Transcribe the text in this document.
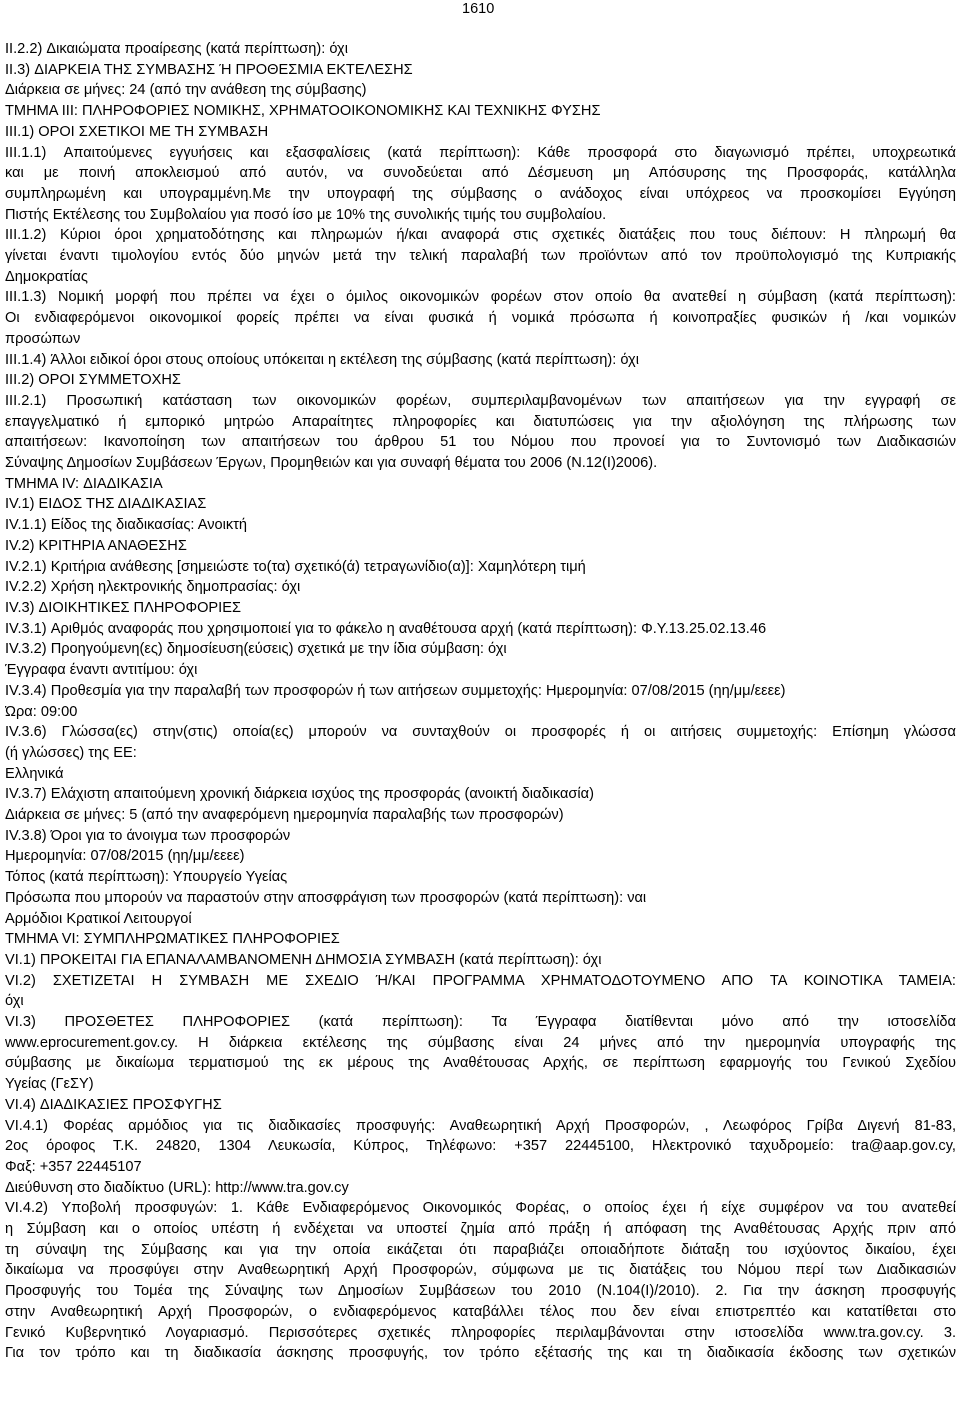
1610
II.2.2) Δικαιώματα προαίρεσης (κατά περίπτωση): όχι
II.3) ΔΙΑΡΚΕΙΑ ΤΗΣ ΣΥΜΒΑΣΗΣ Ή ΠΡΟΘΕΣΜΙΑ ΕΚΤΕΛΕΣΗΣ
Διάρκεια σε μήνες: 24 (από την ανάθεση της σύμβασης)
ΤΜΗΜΑ III: ΠΛΗΡΟΦΟΡΙΕΣ ΝΟΜΙΚΗΣ, ΧΡΗΜΑΤΟΟΙΚΟΝΟΜΙΚΗΣ ΚΑΙ ΤΕΧΝΙΚΗΣ ΦΥΣΗΣ
III.1) ΟΡΟΙ ΣΧΕΤΙΚΟΙ ΜΕ ΤΗ ΣΥΜΒΑΣΗ
III.1.1) Απαιτούμενες εγγυήσεις και εξασφαλίσεις (κατά περίπτωση): Κάθε προσφορά στο διαγωνισμό πρέπει, υποχρεωτικά
και με ποινή αποκλεισμού από αυτόν, να συνοδεύεται από Δέσμευση μη Απόσυρσης της Προσφοράς, κατάλληλα
συμπληρωμένη και υπογραμμένη.Με την υπογραφή της σύμβασης ο ανάδοχος είναι υπόχρεος να προσκομίσει Εγγύηση
Πιστής Εκτέλεσης του Συμβολαίου για ποσό ίσο με 10% της συνολικής τιμής του συμβολαίου.
III.1.2) Κύριοι όροι χρηματοδότησης και πληρωμών ή/και αναφορά στις σχετικές διατάξεις που τους διέπουν: Η πληρωμή θα
γίνεται έναντι τιμολογίου εντός δύο μηνών μετά την τελική παραλαβή των προϊόντων από τον προϋπολογισμό της Κυπριακής
Δημοκρατίας
III.1.3) Νομική μορφή που πρέπει να έχει ο όμιλος οικονομικών φορέων στον οποίο θα ανατεθεί η σύμβαση (κατά περίπτωση):
Οι ενδιαφερόμενοι οικονομικοί φορείς πρέπει να είναι φυσικά ή νομικά πρόσωπα ή κοινοπραξίες φυσικών ή /και νομικών
προσώπων
III.1.4) Άλλοι ειδικοί όροι στους οποίους υπόκειται η εκτέλεση της σύμβασης (κατά περίπτωση): όχι
III.2) ΟΡΟΙ ΣΥΜΜΕΤΟΧΗΣ
III.2.1) Προσωπική κατάσταση των οικονομικών φορέων, συμπεριλαμβανομένων των απαιτήσεων για την εγγραφή σε
επαγγελματικό ή εμπορικό μητρώο Απαραίτητες πληροφορίες και διατυπώσεις για την αξιολόγηση της πλήρωσης των
απαιτήσεων: Ικανοποίηση των απαιτήσεων του άρθρου 51 του Νόμου που προνοεί για το Συντονισμό των Διαδικασιών
Σύναψης Δημοσίων Συμβάσεων Έργων, Προμηθειών και για συναφή θέματα του 2006 (Ν.12(Ι)2006).
ΤΜΗΜΑ IV: ΔΙΑΔΙΚΑΣΙΑ
IV.1) ΕΙΔΟΣ ΤΗΣ ΔΙΑΔΙΚΑΣΙΑΣ
IV.1.1) Είδος της διαδικασίας: Ανοικτή
IV.2) ΚΡΙΤΗΡΙΑ ΑΝΑΘΕΣΗΣ
IV.2.1) Κριτήρια ανάθεσης [σημειώστε το(τα) σχετικό(ά) τετραγωνίδιο(α)]: Χαμηλότερη τιμή
IV.2.2) Χρήση ηλεκτρονικής δημοπρασίας: όχι
IV.3) ΔΙΟΙΚΗΤΙΚΕΣ ΠΛΗΡΟΦΟΡΙΕΣ
IV.3.1) Αριθμός αναφοράς που χρησιμοποιεί για το φάκελο η αναθέτουσα αρχή (κατά περίπτωση): Φ.Υ.13.25.02.13.46
IV.3.2) Προηγούμενη(ες) δημοσίευση(εύσεις) σχετικά με την ίδια σύμβαση: όχι
Έγγραφα έναντι αντιτίμου: όχι
IV.3.4) Προθεσμία για την παραλαβή των προσφορών ή των αιτήσεων συμμετοχής: Ημερομηνία: 07/08/2015 (ηη/μμ/εεεε)
Ώρα: 09:00
IV.3.6) Γλώσσα(ες) στην(στις) οποία(ες) μπορούν να συνταχθούν οι προσφορές ή οι αιτήσεις συμμετοχής: Επίσημη γλώσσα
(ή γλώσσες) της ΕΕ:
Ελληνικά
IV.3.7) Ελάχιστη απαιτούμενη χρονική διάρκεια ισχύος της προσφοράς (ανοικτή διαδικασία)
Διάρκεια σε μήνες: 5 (από την αναφερόμενη ημερομηνία παραλαβής των προσφορών)
IV.3.8) Όροι για το άνοιγμα των προσφορών
Ημερομηνία: 07/08/2015 (ηη/μμ/εεεε)
Τόπος (κατά περίπτωση): Υπουργείο Υγείας
Πρόσωπα που μπορούν να παραστούν στην αποσφράγιση των προσφορών (κατά περίπτωση): ναι
Αρμόδιοι Κρατικοί Λειτουργοί
ΤΜΗΜΑ VI: ΣΥΜΠΛΗΡΩΜΑΤΙΚΕΣ ΠΛΗΡΟΦΟΡΙΕΣ
VI.1) ΠΡΟΚΕΙΤΑΙ ΓΙΑ ΕΠΑΝΑΛΑΜΒΑΝΟΜΕΝΗ ΔΗΜΟΣΙΑ ΣΥΜΒΑΣΗ (κατά περίπτωση): όχι
VI.2) ΣΧΕΤΙΖΕΤΑΙ Η ΣΥΜΒΑΣΗ ΜΕ ΣΧΕΔΙΟ Ή/ΚΑΙ ΠΡΟΓΡΑΜΜΑ ΧΡΗΜΑΤΟΔΟΤΟΥΜΕΝΟ ΑΠΟ ΤΑ ΚΟΙΝΟΤΙΚΑ ΤΑΜΕΙΑ:
όχι
VI.3) ΠΡΟΣΘΕΤΕΣ ΠΛΗΡΟΦΟΡΙΕΣ (κατά περίπτωση): Τα Έγγραφα διατίθενται μόνο από την ιστοσελίδα
www.eprocurement.gov.cy. Η διάρκεια εκτέλεσης της σύμβασης είναι 24 μήνες από την ημερομηνία υπογραφής της
σύμβασης με δικαίωμα τερματισμού της εκ μέρους της Αναθέτουσας Αρχής, σε περίπτωση εφαρμογής του Γενικού Σχεδίου
Υγείας (ΓεΣΥ)
VI.4) ΔΙΑΔΙΚΑΣΙΕΣ ΠΡΟΣΦΥΓΗΣ
VI.4.1) Φορέας αρμόδιος για τις διαδικασίες προσφυγής: Αναθεωρητική Αρχή Προσφορών, , Λεωφόρος Γρίβα Διγενή 81-83,
2ος όροφος Τ.Κ. 24820, 1304 Λευκωσία, Κύπρος, Τηλέφωνο: +357 22445100, Ηλεκτρονικό ταχυδρομείο: tra@aap.gov.cy,
Φαξ: +357 22445107
Διεύθυνση στο διαδίκτυο (URL): http://www.tra.gov.cy
VI.4.2) Υποβολή προσφυγών: 1. Κάθε Ενδιαφερόμενος Οικονομικός Φορέας, ο οποίος έχει ή είχε συμφέρον να του ανατεθεί
η Σύμβαση και ο οποίος υπέστη ή ενδέχεται να υποστεί ζημία από πράξη ή απόφαση της Αναθέτουσας Αρχής πριν από
τη σύναψη της Σύμβασης και για την οποία εικάζεται ότι παραβιάζει οποιαδήποτε διάταξη του ισχύοντος δικαίου, έχει
δικαίωμα να προσφύγει στην Αναθεωρητική Αρχή Προσφορών, σύμφωνα με τις διατάξεις του Νόμου περί των Διαδικασιών
Προσφυγής του Τομέα της Σύναψης των Δημοσίων Συμβάσεων του 2010 (Ν.104(Ι)/2010). 2. Για την άσκηση προσφυγής
στην Αναθεωρητική Αρχή Προσφορών, ο ενδιαφερόμενος καταβάλλει τέλος που δεν είναι επιστρεπτέο και κατατίθεται στο
Γενικό Κυβερνητικό Λογαριασμό. Περισσότερες σχετικές πληροφορίες περιλαμβάνονται στην ιστοσελίδα www.tra.gov.cy. 3.
Για τον τρόπο και τη διαδικασία άσκησης προσφυγής, τον τρόπο εξέτασής της και τη διαδικασία έκδοσης των σχετικών
